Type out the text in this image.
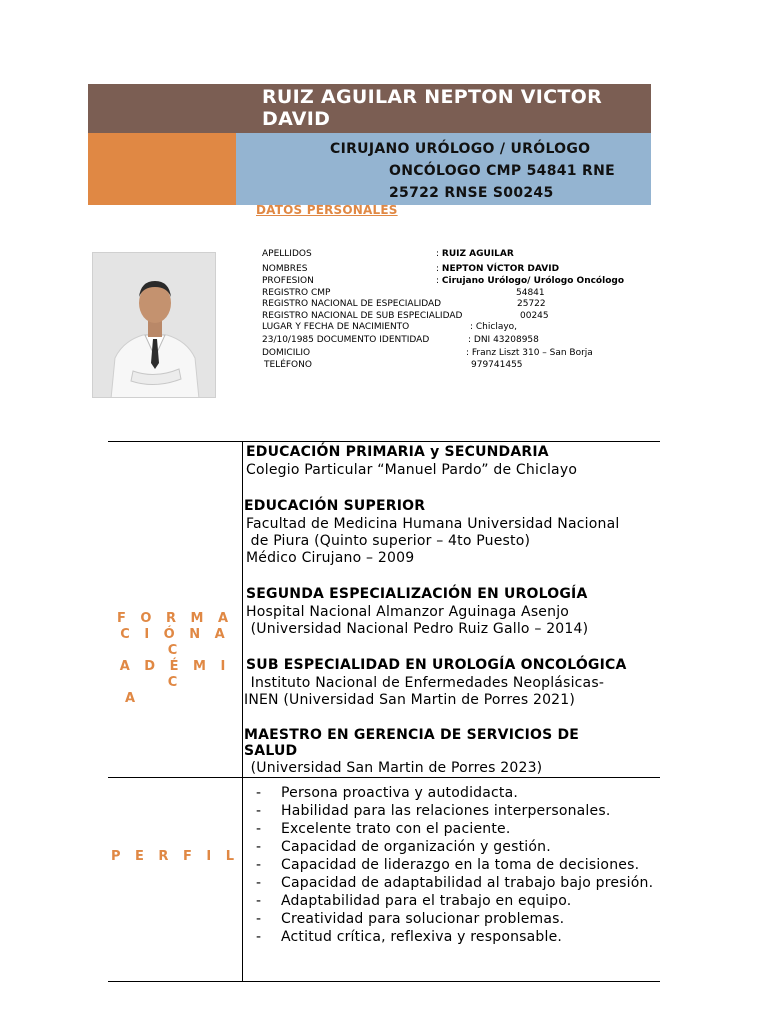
RUIZ AGUILAR NEPTON VICTOR DAVID
CIRUJANO URÓLOGO / URÓLOGO
ONCÓLOGO CMP 54841 RNE
25722 RNSE S00245
DATOS PERSONALES
APELLIDOS	: RUIZ AGUILAR
NOMBRES	: NEPTON VÍCTOR DAVID
PROFESION	: Cirujano Urólogo/ Urólogo Oncólogo
REGISTRO CMP	54841
REGISTRO NACIONAL DE ESPECIALIDAD	25722
REGISTRO NACIONAL DE SUB ESPECIALIDAD	00245
LUGAR Y FECHA DE NACIMIENTO	: Chiclayo,
23/10/1985 DOCUMENTO IDENTIDAD	: DNI 43208958
DOMICILIO	: Franz Liszt 310 – San Borja
TELÉFONO	979741455
F O R M A
C I Ó N A C
A D É M I C
A
EDUCACIÓN PRIMARIA y SECUNDARIA
Colegio Particular “Manuel Pardo” de Chiclayo
EDUCACIÓN SUPERIOR
Facultad de Medicina Humana Universidad Nacional
de Piura (Quinto superior – 4to Puesto)
Médico Cirujano – 2009
SEGUNDA ESPECIALIZACIÓN EN UROLOGÍA
Hospital Nacional Almanzor Aguinaga Asenjo
(Universidad Nacional Pedro Ruiz Gallo – 2014)
SUB ESPECIALIDAD EN UROLOGÍA ONCOLÓGICA
Instituto Nacional de Enfermedades Neoplásicas-
INEN (Universidad San Martin de Porres 2021)
MAESTRO EN GERENCIA DE SERVICIOS DE
SALUD
(Universidad San Martin de Porres 2023)
P E R F I L
- Persona proactiva y autodidacta.
- Habilidad para las relaciones interpersonales.
- Excelente trato con el paciente.
- Capacidad de organización y gestión.
- Capacidad de liderazgo en la toma de decisiones.
- Capacidad de adaptabilidad al trabajo bajo presión.
- Adaptabilidad para el trabajo en equipo.
- Creatividad para solucionar problemas.
- Actitud crítica, reflexiva y responsable.
